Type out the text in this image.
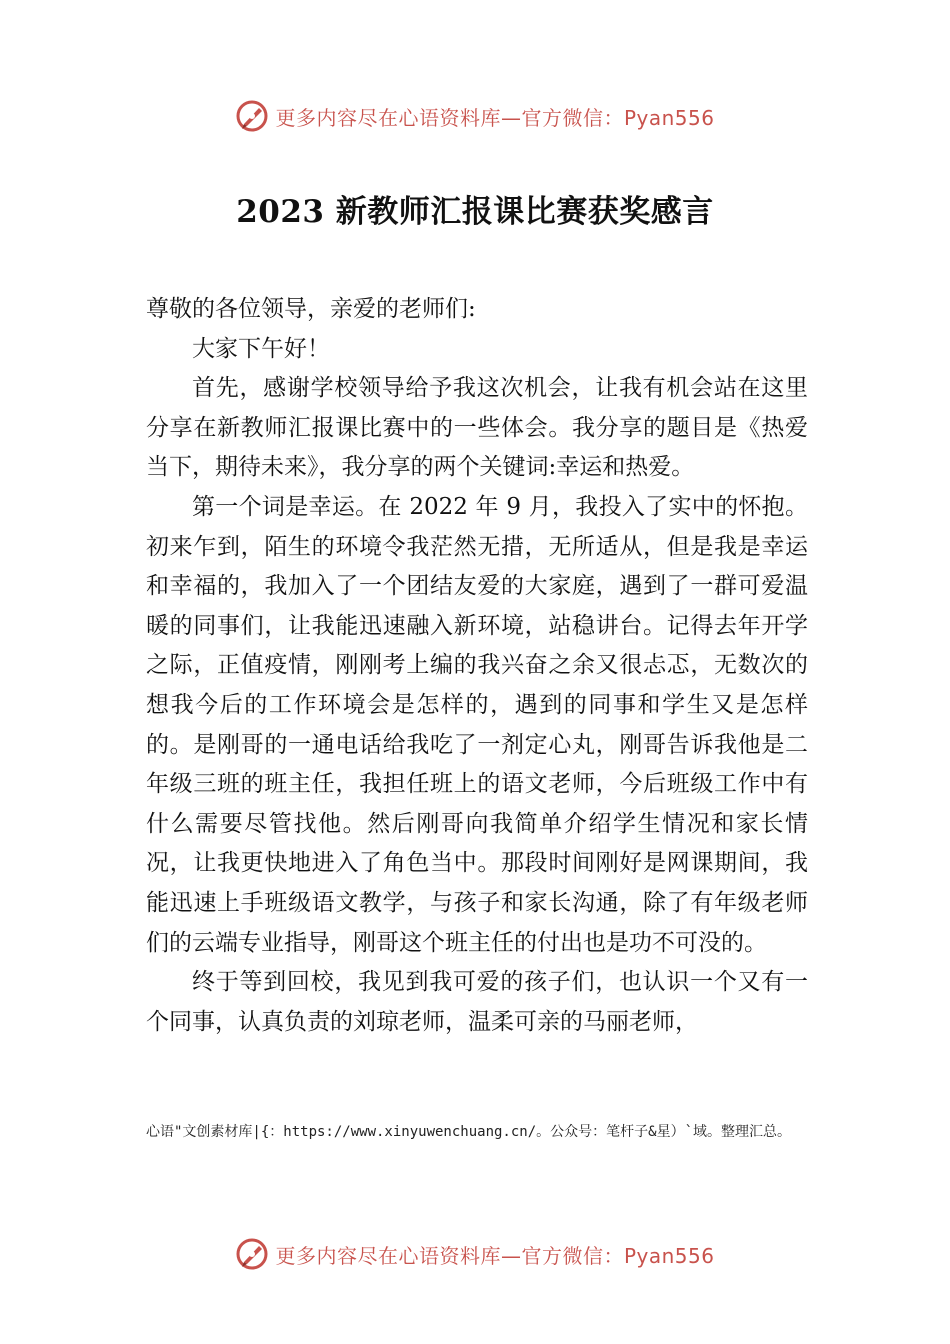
更多内容尽在心语资料库—官方微信：Pyan556
2023 新教师汇报课比赛获奖感言

尊敬的各位领导，亲爱的老师们:

大家下午好！

首先，感谢学校领导给予我这次机会，让我有机会站在这里分享在新教师汇报课比赛中的一些体会。我分享的题目是《热爱当下，期待未来》，我分享的两个关键词:幸运和热爱。

第一个词是幸运。在 2022 年 9 月，我投入了实中的怀抱。初来乍到，陌生的环境令我茫然无措，无所适从，但是我是幸运和幸福的，我加入了一个团结友爱的大家庭，遇到了一群可爱温暖的同事们，让我能迅速融入新环境，站稳讲台。记得去年开学之际，正值疫情，刚刚考上编的我兴奋之余又很忐忑，无数次的想我今后的工作环境会是怎样的，遇到的同事和学生又是怎样的。是刚哥的一通电话给我吃了一剂定心丸，刚哥告诉我他是二年级三班的班主任，我担任班上的语文老师，今后班级工作中有什么需要尽管找他。然后刚哥向我简单介绍学生情况和家长情况，让我更快地进入了角色当中。那段时间刚好是网课期间，我能迅速上手班级语文教学，与孩子和家长沟通，除了有年级老师们的云端专业指导，刚哥这个班主任的付出也是功不可没的。

终于等到回校，我见到我可爱的孩子们，也认识一个又有一个同事，认真负责的刘琼老师，温柔可亲的马丽老师，

心语"文创素材库|{：https://www.xinyuwenchuang.cn/。公众号：笔杆子&星）`域。整理汇总。
更多内容尽在心语资料库—官方微信：Pyan556
